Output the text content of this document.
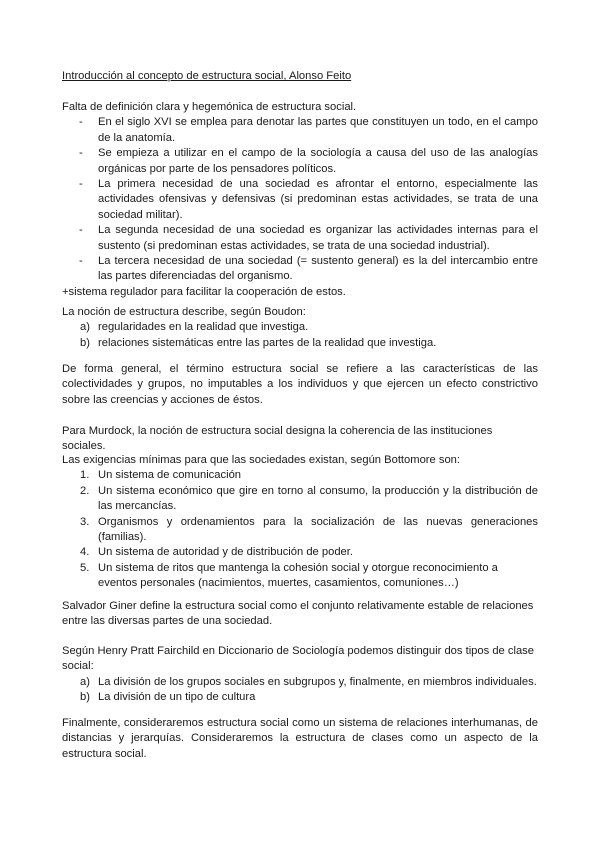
Introducción al concepto de estructura social, Alonso Feito

Falta de definición clara y hegemónica de estructura social.

- En el siglo XVI se emplea para denotar las partes que constituyen un todo, en el campo de la anatomía.
- Se empieza a utilizar en el campo de la sociología a causa del uso de las analogías orgánicas por parte de los pensadores políticos.
- La primera necesidad de una sociedad es afrontar el entorno, especialmente las actividades ofensivas y defensivas (si predominan estas actividades, se trata de una sociedad militar).
- La segunda necesidad de una sociedad es organizar las actividades internas para el sustento (si predominan estas actividades, se trata de una sociedad industrial).
- La tercera necesidad de una sociedad (= sustento general) es la del intercambio entre las partes diferenciadas del organismo.

+sistema regulador para facilitar la cooperación de estos.

La noción de estructura describe, según Boudon:

a) regularidades en la realidad que investiga.
b) relaciones sistemáticas entre las partes de la realidad que investiga.

De forma general, el término estructura social se refiere a las características de las colectividades y grupos, no imputables a los individuos y que ejercen un efecto constrictivo sobre las creencias y acciones de éstos.

Para Murdock, la noción de estructura social designa la coherencia de las instituciones sociales.

Las exigencias mínimas para que las sociedades existan, según Bottomore son:

1. Un sistema de comunicación
2. Un sistema económico que gire en torno al consumo, la producción y la distribución de las mercancías.
3. Organismos y ordenamientos para la socialización de las nuevas generaciones (familias).
4. Un sistema de autoridad y de distribución de poder.
5. Un sistema de ritos que mantenga la cohesión social y otorgue reconocimiento a eventos personales (nacimientos, muertes, casamientos, comuniones…)

Salvador Giner define la estructura social como el conjunto relativamente estable de relaciones entre las diversas partes de una sociedad.

Según Henry Pratt Fairchild en Diccionario de Sociología podemos distinguir dos tipos de clase social:

a) La división de los grupos sociales en subgrupos y, finalmente, en miembros individuales.
b) La división de un tipo de cultura

Finalmente, consideraremos estructura social como un sistema de relaciones interhumanas, de distancias y jerarquías. Consideraremos la estructura de clases como un aspecto de la estructura social.
